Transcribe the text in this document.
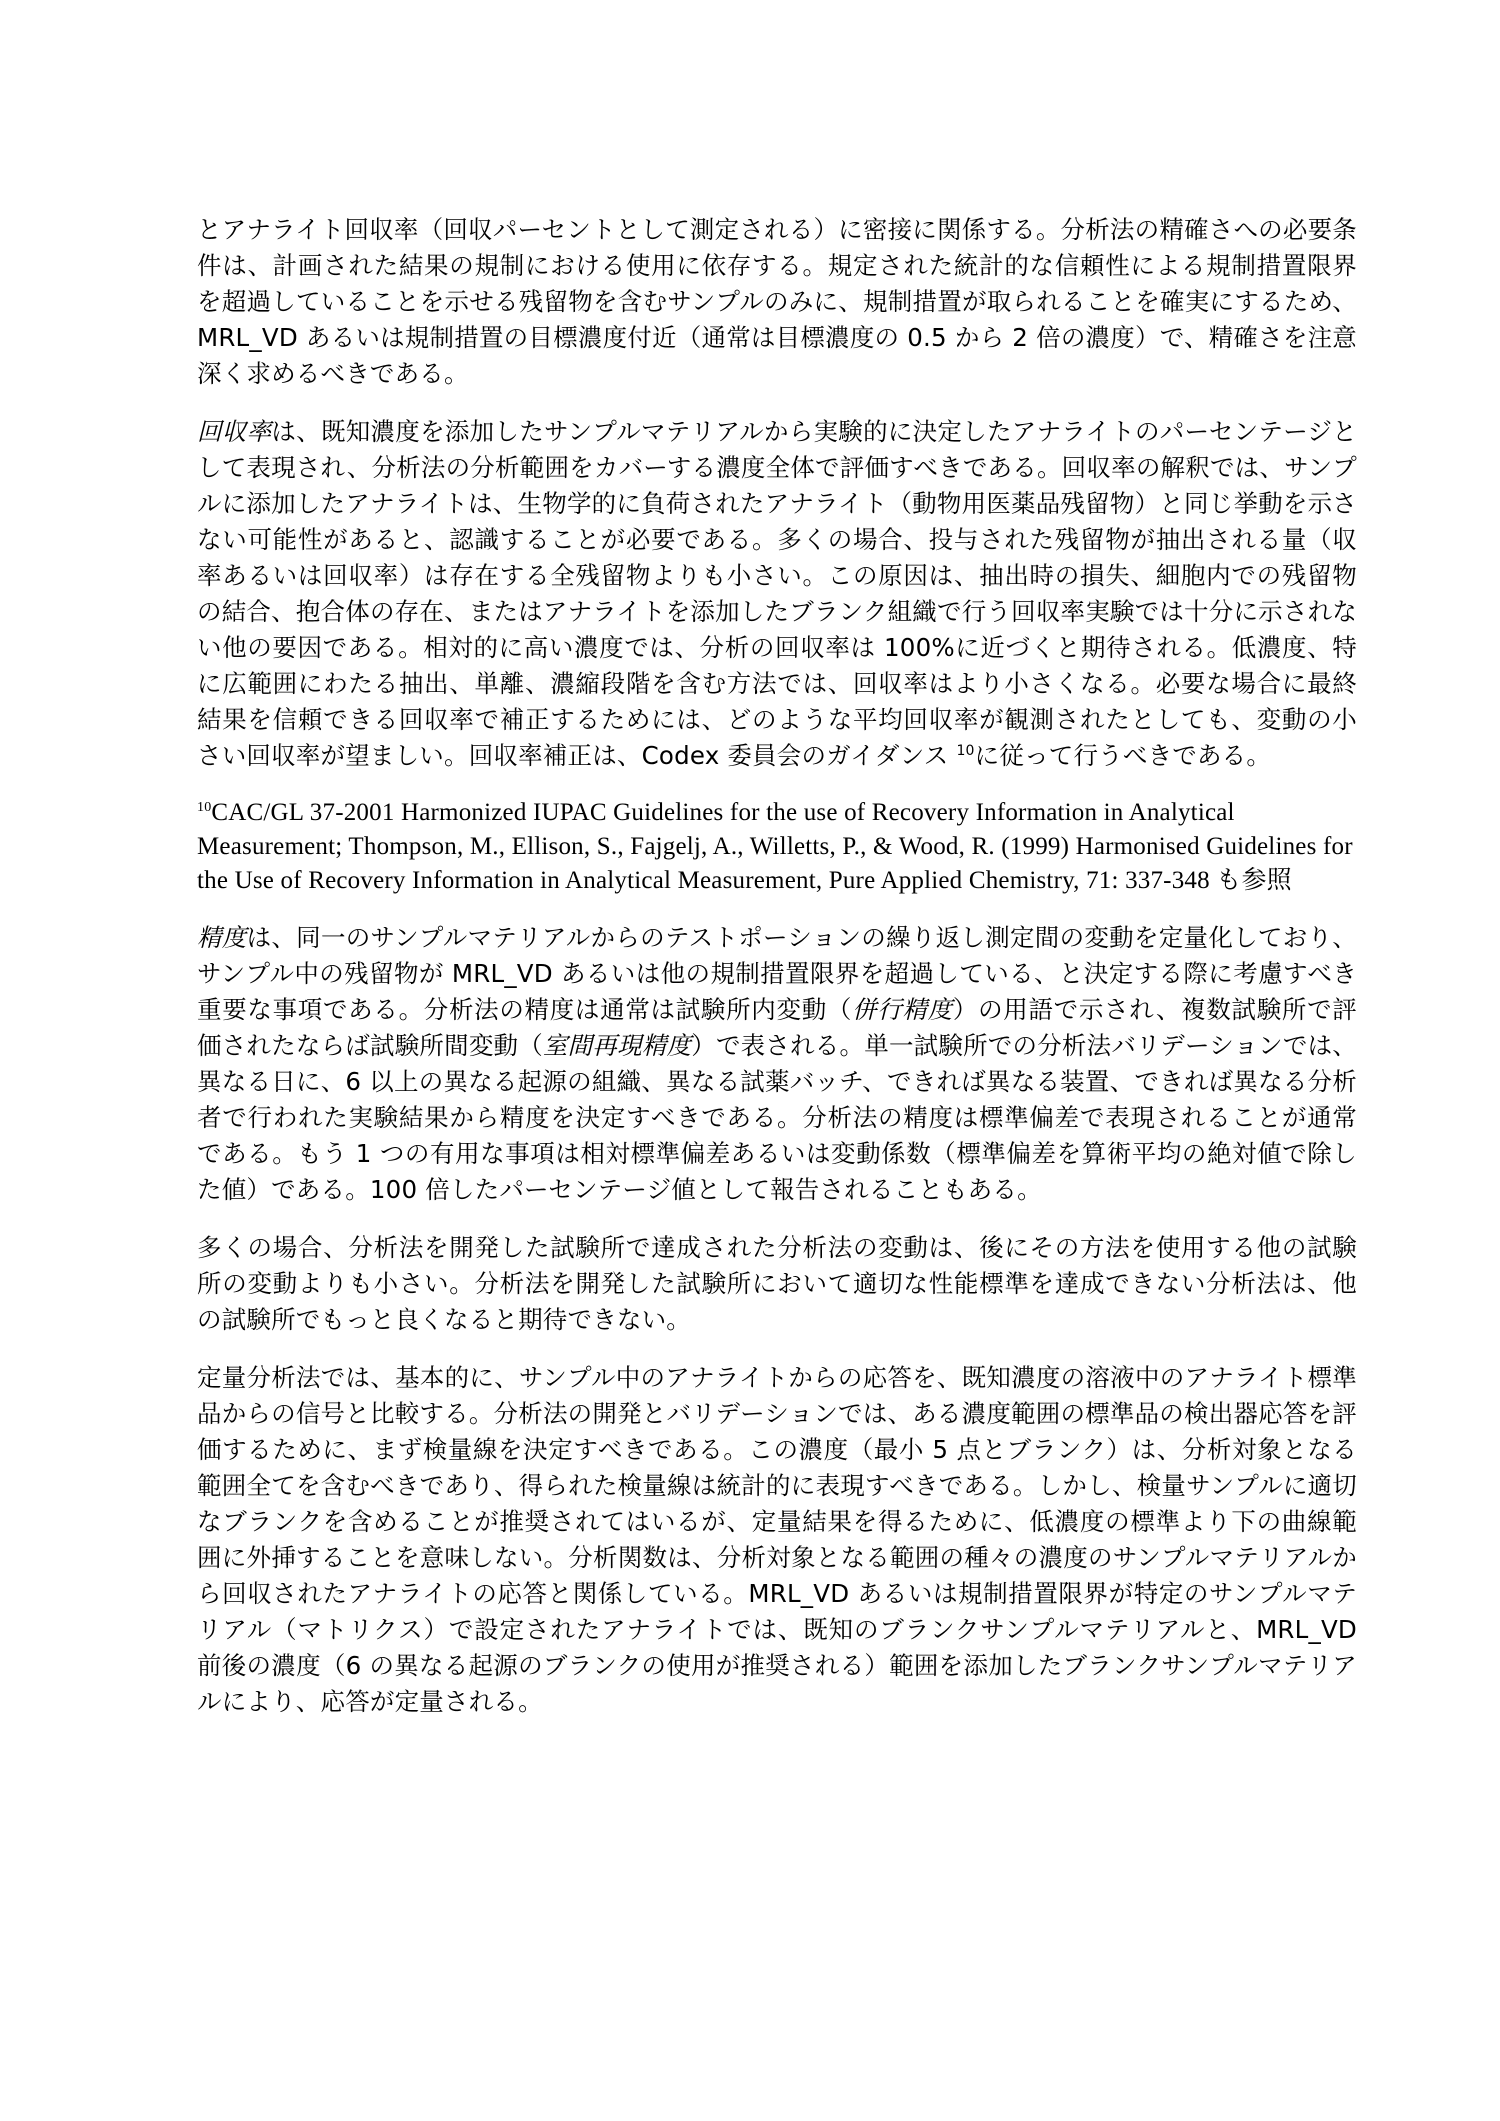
とアナライト回収率（回収パーセントとして測定される）に密接に関係する。分析法の精確さへの必要条件は、計画された結果の規制における使用に依存する。規定された統計的な信頼性による規制措置限界を超過していることを示せる残留物を含むサンプルのみに、規制措置が取られることを確実にするため、MRL_VD あるいは規制措置の目標濃度付近（通常は目標濃度の 0.5 から 2 倍の濃度）で、精確さを注意深く求めるべきである。

回収率は、既知濃度を添加したサンプルマテリアルから実験的に決定したアナライトのパーセンテージとして表現され、分析法の分析範囲をカバーする濃度全体で評価すべきである。回収率の解釈では、サンプルに添加したアナライトは、生物学的に負荷されたアナライト（動物用医薬品残留物）と同じ挙動を示さない可能性があると、認識することが必要である。多くの場合、投与された残留物が抽出される量（収率あるいは回収率）は存在する全残留物よりも小さい。この原因は、抽出時の損失、細胞内での残留物の結合、抱合体の存在、またはアナライトを添加したブランク組織で行う回収率実験では十分に示されない他の要因である。相対的に高い濃度では、分析の回収率は 100%に近づくと期待される。低濃度、特に広範囲にわたる抽出、単離、濃縮段階を含む方法では、回収率はより小さくなる。必要な場合に最終結果を信頼できる回収率で補正するためには、どのような平均回収率が観測されたとしても、変動の小さい回収率が望ましい。回収率補正は、Codex 委員会のガイダンス $^{10}$に従って行うべきである。

$^{10}$CAC/GL 37-2001 Harmonized IUPAC Guidelines for the use of Recovery Information in Analytical Measurement; Thompson, M., Ellison, S., Fajgelj, A., Willetts, P., & Wood, R. (1999) Harmonised Guidelines for the Use of Recovery Information in Analytical Measurement, Pure Applied Chemistry, 71: 337-348 も参照

精度は、同一のサンプルマテリアルからのテストポーションの繰り返し測定間の変動を定量化しており、サンプル中の残留物が MRL_VD あるいは他の規制措置限界を超過している、と決定する際に考慮すべき重要な事項である。分析法の精度は通常は試験所内変動（併行精度）の用語で示され、複数試験所で評価されたならば試験所間変動（室間再現精度）で表される。単一試験所での分析法バリデーションでは、異なる日に、6 以上の異なる起源の組織、異なる試薬バッチ、できれば異なる装置、できれば異なる分析者で行われた実験結果から精度を決定すべきである。分析法の精度は標準偏差で表現されることが通常である。もう 1 つの有用な事項は相対標準偏差あるいは変動係数（標準偏差を算術平均の絶対値で除した値）である。100 倍したパーセンテージ値として報告されることもある。

多くの場合、分析法を開発した試験所で達成された分析法の変動は、後にその方法を使用する他の試験所の変動よりも小さい。分析法を開発した試験所において適切な性能標準を達成できない分析法は、他の試験所でもっと良くなると期待できない。

定量分析法では、基本的に、サンプル中のアナライトからの応答を、既知濃度の溶液中のアナライト標準品からの信号と比較する。分析法の開発とバリデーションでは、ある濃度範囲の標準品の検出器応答を評価するために、まず検量線を決定すべきである。この濃度（最小 5 点とブランク）は、分析対象となる範囲全てを含むべきであり、得られた検量線は統計的に表現すべきである。しかし、検量サンプルに適切なブランクを含めることが推奨されてはいるが、定量結果を得るために、低濃度の標準より下の曲線範囲に外挿することを意味しない。分析関数は、分析対象となる範囲の種々の濃度のサンプルマテリアルから回収されたアナライトの応答と関係している。MRL_VD あるいは規制措置限界が特定のサンプルマテリアル（マトリクス）で設定されたアナライトでは、既知のブランクサンプルマテリアルと、MRL_VD 前後の濃度（6 の異なる起源のブランクの使用が推奨される）範囲を添加したブランクサンプルマテリアルにより、応答が定量される。
